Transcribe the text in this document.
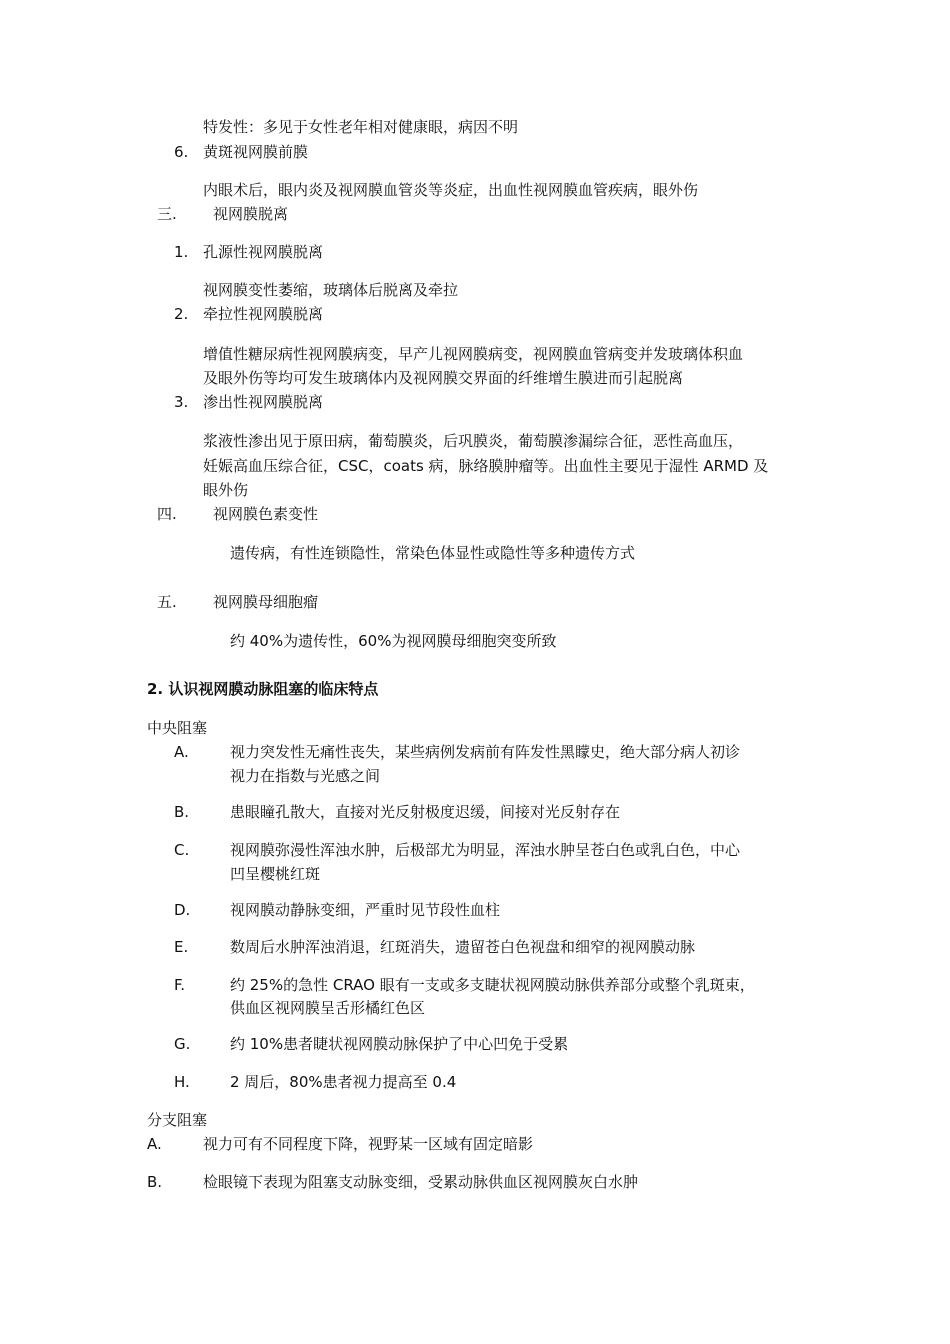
特发性：多见于女性老年相对健康眼，病因不明
6. 黄斑视网膜前膜
内眼术后，眼内炎及视网膜血管炎等炎症，出血性视网膜血管疾病，眼外伤
三. 视网膜脱离
1. 孔源性视网膜脱离
视网膜变性萎缩，玻璃体后脱离及牵拉
2. 牵拉性视网膜脱离
增值性糖尿病性视网膜病变，早产儿视网膜病变，视网膜血管病变并发玻璃体积血
及眼外伤等均可发生玻璃体内及视网膜交界面的纤维增生膜进而引起脱离
3. 渗出性视网膜脱离
浆液性渗出见于原田病，葡萄膜炎，后巩膜炎，葡萄膜渗漏综合征，恶性高血压，
妊娠高血压综合征，CSC，coats 病，脉络膜肿瘤等。出血性主要见于湿性 ARMD 及
眼外伤
四. 视网膜色素变性
遗传病，有性连锁隐性，常染色体显性或隐性等多种遗传方式
五. 视网膜母细胞瘤
约 40%为遗传性，60%为视网膜母细胞突变所致
2. 认识视网膜动脉阻塞的临床特点
中央阻塞
A.	视力突发性无痛性丧失，某些病例发病前有阵发性黑矇史，绝大部分病人初诊
视力在指数与光感之间
B.	患眼瞳孔散大，直接对光反射极度迟缓，间接对光反射存在
C.	视网膜弥漫性浑浊水肿，后极部尤为明显，浑浊水肿呈苍白色或乳白色，中心
凹呈樱桃红斑
D.	视网膜动静脉变细，严重时见节段性血柱
E.	数周后水肿浑浊消退，红斑消失，遗留苍白色视盘和细窄的视网膜动脉
F.	约 25%的急性 CRAO 眼有一支或多支睫状视网膜动脉供养部分或整个乳斑束，
供血区视网膜呈舌形橘红色区
G.	约 10%患者睫状视网膜动脉保护了中心凹免于受累
H.	2 周后，80%患者视力提高至 0.4
分支阻塞
A.	视力可有不同程度下降，视野某一区域有固定暗影
B.	检眼镜下表现为阻塞支动脉变细，受累动脉供血区视网膜灰白水肿
